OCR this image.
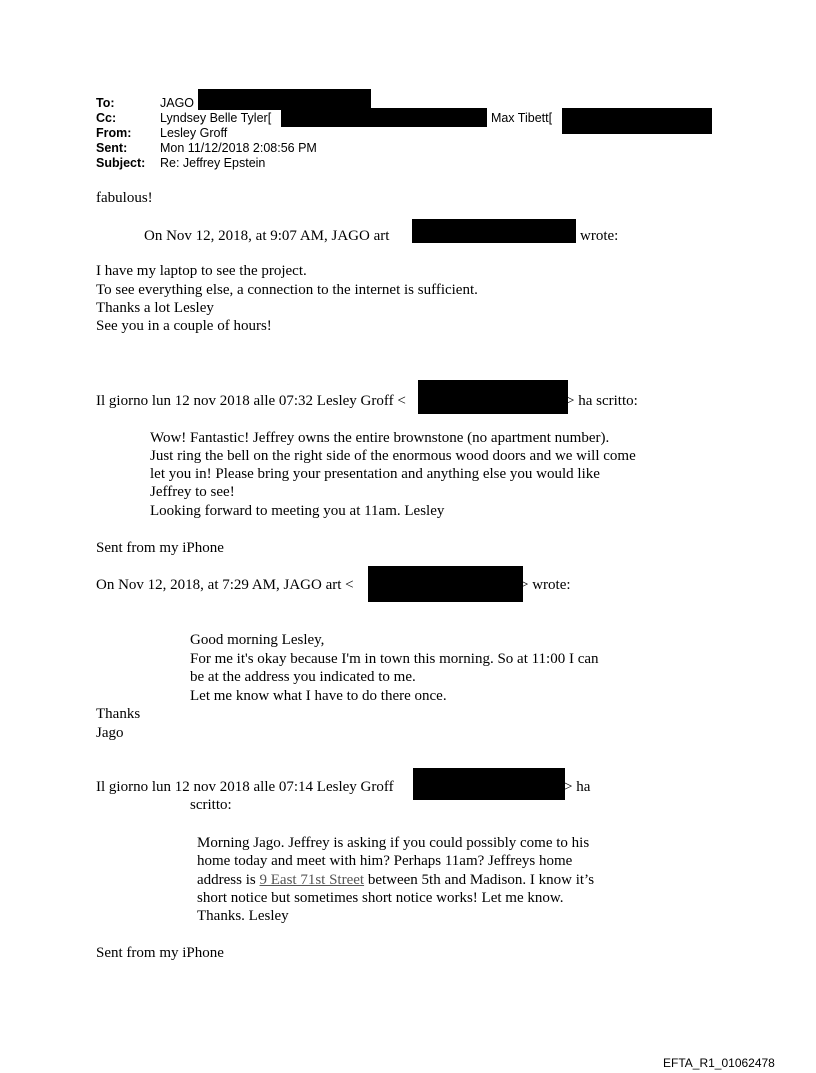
To:	JAGO
Cc:	Lyndsey Belle Tyler[	; Max Tibett[
From: Lesley Groff
Sent:	Mon 11/12/2018 2:08:56 PM
Subject: Re: Jeffrey Epstein
fabulous!
On Nov 12, 2018, at 9:07 AM, JAGO art	wrote:
I have my laptop to see the project.
To see everything else, a connection to the internet is sufficient.
Thanks a lot Lesley
See you in a couple of hours!
Il giorno lun 12 nov 2018 alle 07:32 Lesley Groff <	> ha scritto:
Wow! Fantastic! Jeffrey owns the entire brownstone (no apartment number).
Just ring the bell on the right side of the enormous wood doors and we will come
let you in! Please bring your presentation and anything else you would like
Jeffrey to see!
Looking forward to meeting you at 11am. Lesley
Sent from my iPhone
On Nov 12, 2018, at 7:29 AM, JAGO art <	> wrote:
Good morning Lesley,
For me it's okay because I'm in town this morning. So at 11:00 I can
be at the address you indicated to me.
Let me know what I have to do there once.
Thanks
Jago
Il giorno lun 12 nov 2018 alle 07:14 Lesley Groff	> ha
scritto:
Morning Jago. Jeffrey is asking if you could possibly come to his
home today and meet with him? Perhaps 11am? Jeffreys home
address is 9 East 71st Street between 5th and Madison. I know it’s
short notice but sometimes short notice works! Let me know.
Thanks. Lesley
Sent from my iPhone
EFTA_R1_01062478
